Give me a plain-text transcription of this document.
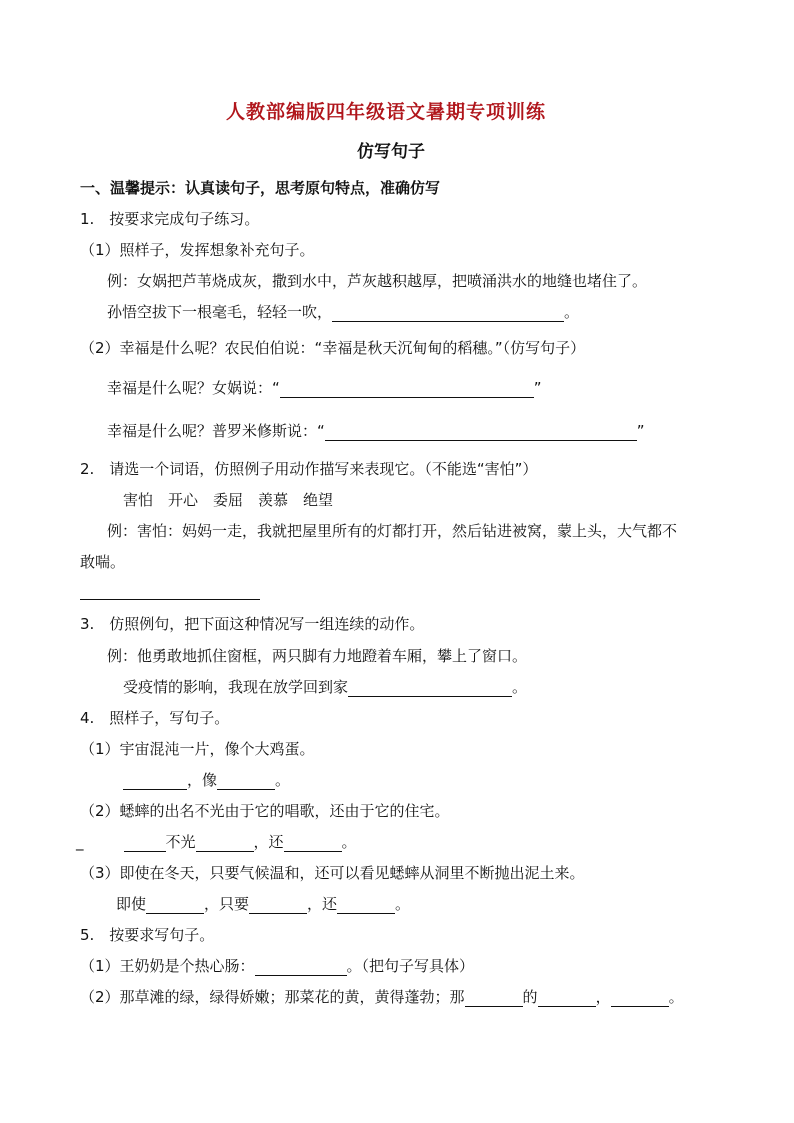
人教部编版四年级语文暑期专项训练
仿写句子
一、温馨提示：认真读句子，思考原句特点，准确仿写
1.　按要求完成句子练习。
（1）照样子，发挥想象补充句子。
例：女娲把芦苇烧成灰，撒到水中，芦灰越积越厚，把喷涌洪水的地缝也堵住了。
孙悟空拔下一根毫毛，轻轻一吹，	。
（2）幸福是什么呢？农民伯伯说：“幸福是秋天沉甸甸的稻穗。”（仿写句子）
幸福是什么呢？女娲说：“	”
幸福是什么呢？普罗米修斯说：“	”
2.　请选一个词语，仿照例子用动作描写来表现它。（不能选“害怕”）
害怕　开心　委屈　羡慕　绝望
例：害怕：妈妈一走，我就把屋里所有的灯都打开，然后钻进被窝，蒙上头，大气都不
敢喘。
3.　仿照例句，把下面这种情况写一组连续的动作。
例：他勇敢地抓住窗框，两只脚有力地蹬着车厢，攀上了窗口。
受疫情的影响，我现在放学回到家	。
4.　照样子，写句子。
（1）宇宙混沌一片，像个大鸡蛋。
，像	。
（2）蟋蟀的出名不光由于它的唱歌，还由于它的住宅。
_	不光	，还	。
（3）即使在冬天，只要气候温和，还可以看见蟋蟀从洞里不断抛出泥土来。
即使	，只要	，还	。
5.　按要求写句子。
（1）王奶奶是个热心肠：	。（把句子写具体）
（2）那草滩的绿，绿得娇嫩；那菜花的黄，黄得蓬勃；那	的	，	。
